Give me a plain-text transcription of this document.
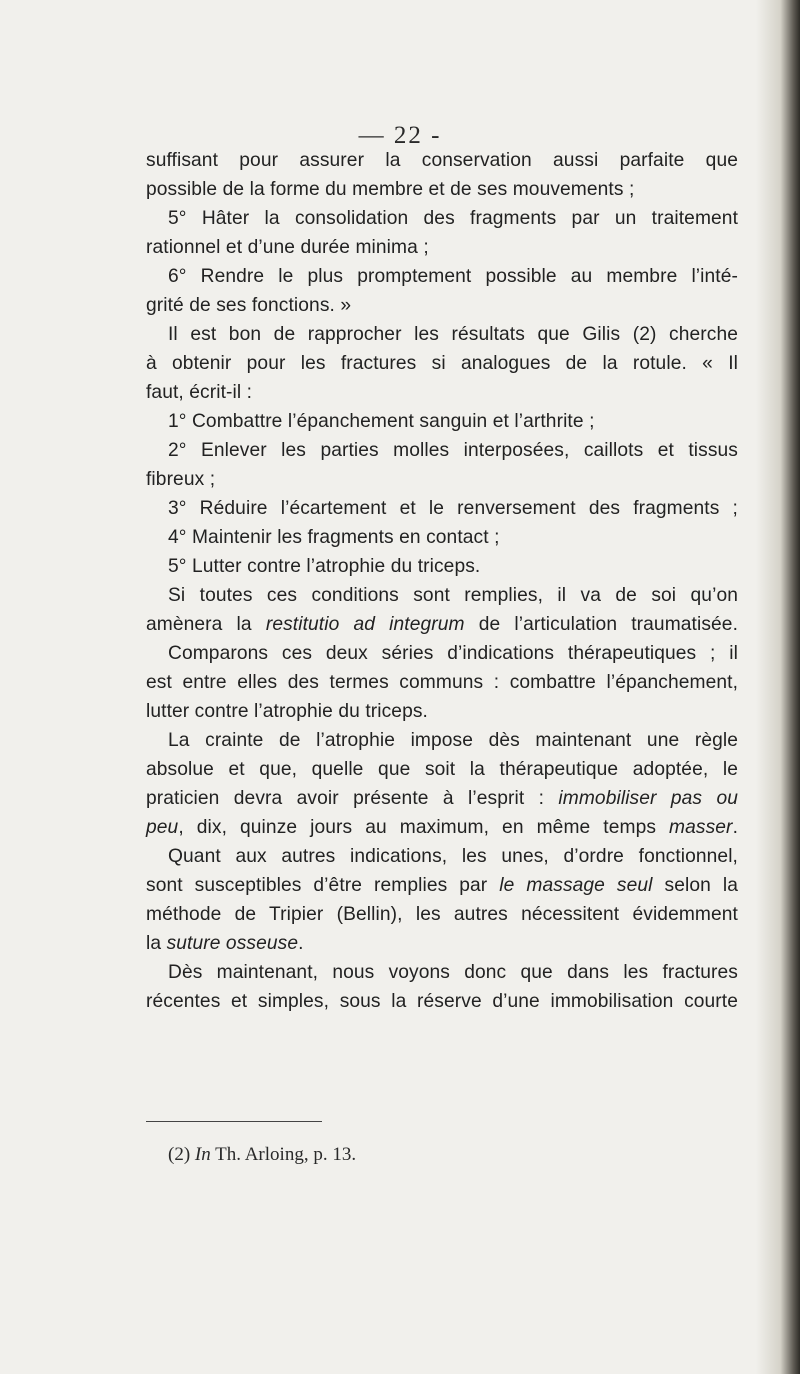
— 22 -
suffisant pour assurer la conservation aussi parfaite que
possible de la forme du membre et de ses mouvements ;
5° Hâter la consolidation des fragments par un traitement
rationnel et d’une durée minima ;
6° Rendre le plus promptement possible au membre l’inté-
grité de ses fonctions. »
Il est bon de rapprocher les résultats que Gilis (2) cherche
à obtenir pour les fractures si analogues de la rotule. « Il
faut, écrit-il :
1° Combattre l’épanchement sanguin et l’arthrite ;
2° Enlever les parties molles interposées, caillots et tissus
fibreux ;
3° Réduire l’écartement et le renversement des fragments ;
4° Maintenir les fragments en contact ;
5° Lutter contre l’atrophie du triceps.
Si toutes ces conditions sont remplies, il va de soi qu’on
amènera la restitutio ad integrum de l’articulation traumatisée.
Comparons ces deux séries d’indications thérapeutiques ; il
est entre elles des termes communs : combattre l’épanchement,
lutter contre l’atrophie du triceps.
La crainte de l’atrophie impose dès maintenant une règle
absolue et que, quelle que soit la thérapeutique adoptée, le
praticien devra avoir présente à l’esprit : immobiliser pas ou
peu, dix, quinze jours au maximum, en même temps masser.
Quant aux autres indications, les unes, d’ordre fonctionnel,
sont susceptibles d’être remplies par le massage seul selon la
méthode de Tripier (Bellin), les autres nécessitent évidemment
la suture osseuse.
Dès maintenant, nous voyons donc que dans les fractures
récentes et simples, sous la réserve d’une immobilisation courte
(2) In Th. Arloing, p. 13.
